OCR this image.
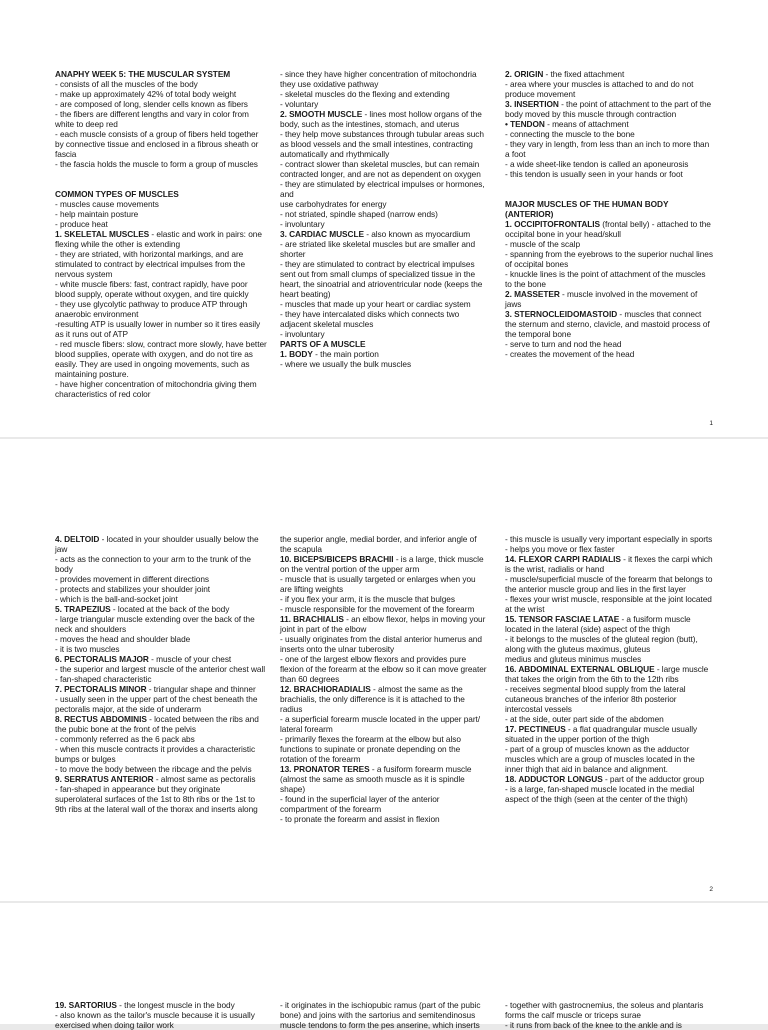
ANAPHY WEEK 5: THE MUSCULAR SYSTEM

- consists of all the muscles of the body

- make up approximately 42% of total body weight

- are composed of long, slender cells known as fibers

- the fibers are different lengths and vary in color from white to deep red

- each muscle consists of a group of fibers held together by connective tissue and enclosed in a fibrous sheath or fascia

- the fascia holds the muscle to form a group of muscles

COMMON TYPES OF MUSCLES

- muscles cause movements

- help maintain posture

- produce heat

1. SKELETAL MUSCLES - elastic and work in pairs: one flexing while the other is extending

- they are striated, with horizontal markings, and are stimulated to contract by electrical impulses from the nervous system

- white muscle fibers: fast, contract rapidly, have poor blood supply, operate without oxygen, and tire quickly

- they use glycolytic pathway to produce ATP through anaerobic environment

-resulting ATP is usually lower in number so it tires easily as it runs out of ATP

- red muscle fibers: slow, contract more slowly, have better blood supplies, operate with oxygen, and do not tire as easily. They are used in ongoing movements, such as maintaining posture.

- have higher concentration of mitochondria giving them characteristics of red color

- since they have higher concentration of mitochondria they use oxidative pathway

- skeletal muscles do the flexing and extending

- voluntary

2. SMOOTH MUSCLE - lines most hollow organs of the body, such as the intestines, stomach, and uterus

- they help move substances through tubular areas such as blood vessels and the small intestines, contracting automatically and rhythmically

- contract slower than skeletal muscles, but can remain contracted longer, and are not as dependent on oxygen

- they are stimulated by electrical impulses or hormones, and

use carbohydrates for energy

- not striated, spindle shaped (narrow ends)

- involuntary

3. CARDIAC MUSCLE - also known as myocardium

- are striated like skeletal muscles but are smaller and shorter

- they are stimulated to contract by electrical impulses sent out from small clumps of specialized tissue in the heart, the sinoatrial and atrioventricular node (keeps the heart beating)

- muscles that made up your heart or cardiac system

- they have intercalated disks which connects two adjacent skeletal muscles

- involuntary

PARTS OF A MUSCLE

1. BODY - the main portion

- where we usually the bulk muscles

2. ORIGIN - the fixed attachment

- area where your muscles is attached to and do not produce movement

3. INSERTION - the point of attachment to the part of the body moved by this muscle through contraction

• TENDON - means of attachment

- connecting the muscle to the bone

- they vary in length, from less than an inch to more than a foot

- a wide sheet-like tendon is called an aponeurosis

- this tendon is usually seen in your hands or foot

MAJOR MUSCLES OF THE HUMAN BODY (ANTERIOR)

1. OCCIPITOFRONTALIS (frontal belly) - attached to the occipital bone in your head/skull

- muscle of the scalp

- spanning from the eyebrows to the superior nuchal lines of occipital bones

- knuckle lines is the point of attachment of the muscles to the bone

2. MASSETER - muscle involved in the movement of jaws

3. STERNOCLEIDOMASTOID - muscles that connect the sternum and sterno, clavicle, and mastoid process of the temporal bone

- serve to turn and nod the head

- creates the movement of the head

1

4. DELTOID - located in your shoulder usually below the jaw

- acts as the connection to your arm to the trunk of the body

- provides movement in different directions

- protects and stabilizes your shoulder joint

- which is the ball-and-socket joint

5. TRAPEZIUS - located at the back of the body

- large triangular muscle extending over the back of the neck and shoulders

- moves the head and shoulder blade

- it is two muscles

6. PECTORALIS MAJOR - muscle of your chest

- the superior and largest muscle of the anterior chest wall

- fan-shaped characteristic

7. PECTORALIS MINOR - triangular shape and thinner

- usually seen in the upper part of the chest beneath the pectoralis major, at the side of underarm

8. RECTUS ABDOMINIS - located between the ribs and the pubic bone at the front of the pelvis

- commonly referred as the 6 pack abs

- when this muscle contracts it provides a characteristic bumps or bulges

- to move the body between the ribcage and the pelvis

9. SERRATUS ANTERIOR - almost same as pectoralis

- fan-shaped in appearance but they originate superolateral surfaces of the 1st to 8th ribs or the 1st to 9th ribs at the lateral wall of the thorax and inserts along

the superior angle, medial border, and inferior angle of the scapula

10. BICEPS/BICEPS BRACHII - is a large, thick muscle on the ventral portion of the upper arm

- muscle that is usually targeted or enlarges when you are lifting weights

- if you flex your arm, it is the muscle that bulges

- muscle responsible for the movement of the forearm

11. BRACHIALIS - an elbow flexor, helps in moving your joint in part of the elbow

- usually originates from the distal anterior humerus and inserts onto the ulnar tuberosity

- one of the largest elbow flexors and provides pure flexion of the forearm at the elbow so it can move greater than 60 degrees

12. BRACHIORADIALIS - almost the same as the brachialis, the only difference is it is attached to the radius

- a superficial forearm muscle located in the upper part/ lateral forearm

- primarily flexes the forearm at the elbow but also functions to supinate or pronate depending on the rotation of the forearm

13. PRONATOR TERES - a fusiform forearm muscle (almost the same as smooth muscle as it is spindle shape)

- found in the superficial layer of the anterior compartment of the forearm

- to pronate the forearm and assist in flexion

- this muscle is usually very important especially in sports

- helps you move or flex faster

14. FLEXOR CARPI RADIALIS - it flexes the carpi which is the wrist, radialis or hand

- muscle/superficial muscle of the forearm that belongs to the anterior muscle group and lies in the first layer

- flexes your wrist muscle, responsible at the joint located at the wrist

15. TENSOR FASCIAE LATAE - a fusiform muscle located in the lateral (side) aspect of the thigh

- it belongs to the muscles of the gluteal region (butt), along with the gluteus maximus, gluteus

medius and gluteus minimus muscles

16. ABDOMINAL EXTERNAL OBLIQUE - large muscle that takes the origin from the 6th to the 12th ribs

- receives segmental blood supply from the lateral cutaneous branches of the inferior 8th posterior intercostal vessels

- at the side, outer part side of the abdomen

17. PECTINEUS - a flat quadrangular muscle usually situated in the upper portion of the thigh

- part of a group of muscles known as the adductor muscles which are a group of muscles located in the inner thigh that aid in balance and alignment.

18. ADDUCTOR LONGUS - part of the adductor group

- is a large, fan-shaped muscle located in the medial aspect of the thigh (seen at the center of the thigh)

2

19. SARTORIUS - the longest muscle in the body

- also known as the tailor's muscle because it is usually exercised when doing tailor work

- it originates in the ischiopubic ramus (part of the pubic bone) and joins with the sartorius and semitendinosus muscle tendons to form the pes anserine, which inserts

- together with gastrocnemius, the soleus and plantaris forms the calf muscle or triceps surae

- it runs from back of the knee to the ankle and is
